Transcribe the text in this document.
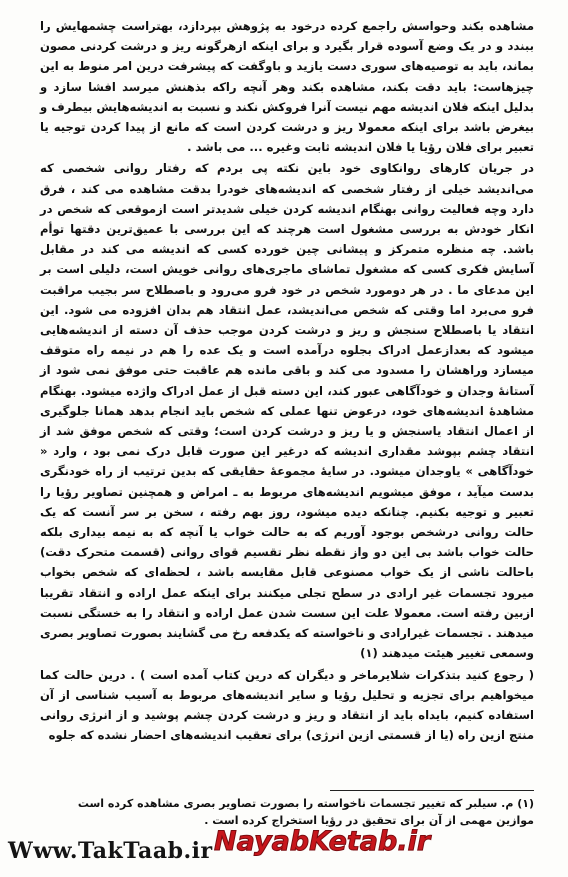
مشاهده بکند وحواسش راجمع کرده درخود به پژوهش بپردازد، بهتراست چشمهایش را ببندد و در یک وضع آسوده قرار بگیرد و برای اینکه ازهرگونه ریز و درشت کردنی مصون بماند، باید به توصیه‌های سوری دست یازید و باوگفت که پیشرفت درین امر منوط به این چیزهاست: باید دقت بکند، مشاهده بکند وهر آنچه راکه بذهنش میرسد افشا سازد و بدلیل اینکه فلان اندیشه مهم نیست آنرا فروکش نکند و نسبت به اندیشه‌هایش بیطرف و بیغرض باشد برای اینکه معمولا ریز و درشت کردن است که مانع از پیدا کردن توجیه یا تعبیر برای فلان رؤیا یا فلان اندیشه ثابت وغیره ... می باشد .

در جریان کارهای روانکاوی خود باین نکته پی بردم که رفتار روانی شخصی که می‌اندیشد خیلی از رفتار شخصی که اندیشه‌های خودرا بدقت مشاهده می کند ، فرق دارد وچه فعالیت روانی بهنگام اندیشه کردن خیلی شدیدتر است ازموقعی که شخص در انکار خودش به بررسی مشغول است هرچند که این بررسی با عمیق‌ترین دقتها توأم باشد. چه منظره متمرکز و پیشانی چین خورده کسی که اندیشه می کند در مقابل آسایش فکری کسی که مشغول تماشای ماجری‌های روانی خویش است، دلیلی است بر این مدعای ما . در هر دومورد شخص در خود فرو می‌رود و باصطلاح سر بجیب مراقبت فرو می‌برد اما وقتی که شخص می‌اندیشد، عمل انتقاد هم بدان افزوده می شود. این انتقاد یا باصطلاح سنجش و ریز و درشت کردن موجب حذف آن دسته از اندیشه‌هایی میشود که بعدازعمل ادراک بجلوه درآمده است و یک عده را هم در نیمه راه متوقف میسازد وراهشان را مسدود می کند و باقی مانده هم عاقبت حتی موفق نمی شود از آستانهٔ وجدان و خودآگاهی عبور کند، این دسته قبل از عمل ادراک واژده میشود. بهنگام مشاهدهٔ اندیشه‌های خود، درعوض تنها عملی که شخص باید انجام بدهد همانا جلوگیری از اعمال انتقاد یاسنجش و یا ریز و درشت کردن است؛ وقتی که شخص موفق شد از انتقاد چشم بپوشد مقداری اندیشه که درغیر این صورت قابل درک نمی بود ، وارد « خودآگاهی » یاوجدان میشود. در سایهٔ مجموعهٔ حقایقی که بدین ترتیب از راه خودنگری بدست میآید ، موفق میشویم اندیشه‌های مربوط به ـ امراض و همچنین تصاویر رؤیا را تعبیر و توجیه بکنیم. چنانکه دیده میشود، روز بهم رفته ، سخن بر سر آنست که یک حالت روانی درشخص بوجود آوریم که به حالت خواب یا آنچه که به نیمه بیداری بلکه حالت خواب باشد بی این دو واز نقطه نظر تقسیم قوای روانی (قسمت متحرک دقت) باحالت ناشی از یک خواب مصنوعی قابل مقایسه باشد ، لحظه‌ای که شخص بخواب میرود تجسمات غیر ارادی در سطح تجلی میکنند برای اینکه عمل اراده و انتقاد تقریبا ازبین رفته است. معمولا علت این سست شدن عمل اراده و انتقاد را به خستگی نسبت میدهند . تجسمات غیرارادی و ناخواسته که یکدفعه رخ می گشایند بصورت تصاویر بصری وسمعی تغییر هیئت میدهند (۱)

( رجوع کنید بتذکرات شلایرماخر و دیگران که درین کتاب آمده است ) . درین حالت کما میخواهیم برای تجزیه و تحلیل رؤیا و سایر اندیشه‌های مربوط به آسیب شناسی از آن استفاده کنیم، بایداه باید از انتقاد و ریز و درشت کردن چشم پوشید و از انرژی روانی منتج ازین راه (یا از قسمتی ازین انرژی) برای تعقیب اندیشه‌های احضار نشده که جلوه

(۱) م. سیلبر که تغییر تجسمات ناخواسته را بصورت تصاویر بصری مشاهده کرده است موازین مهمی از آن برای تحقیق در رؤیا استخراج کرده است .
Www.TakTaab.ir NayabKetab.ir
